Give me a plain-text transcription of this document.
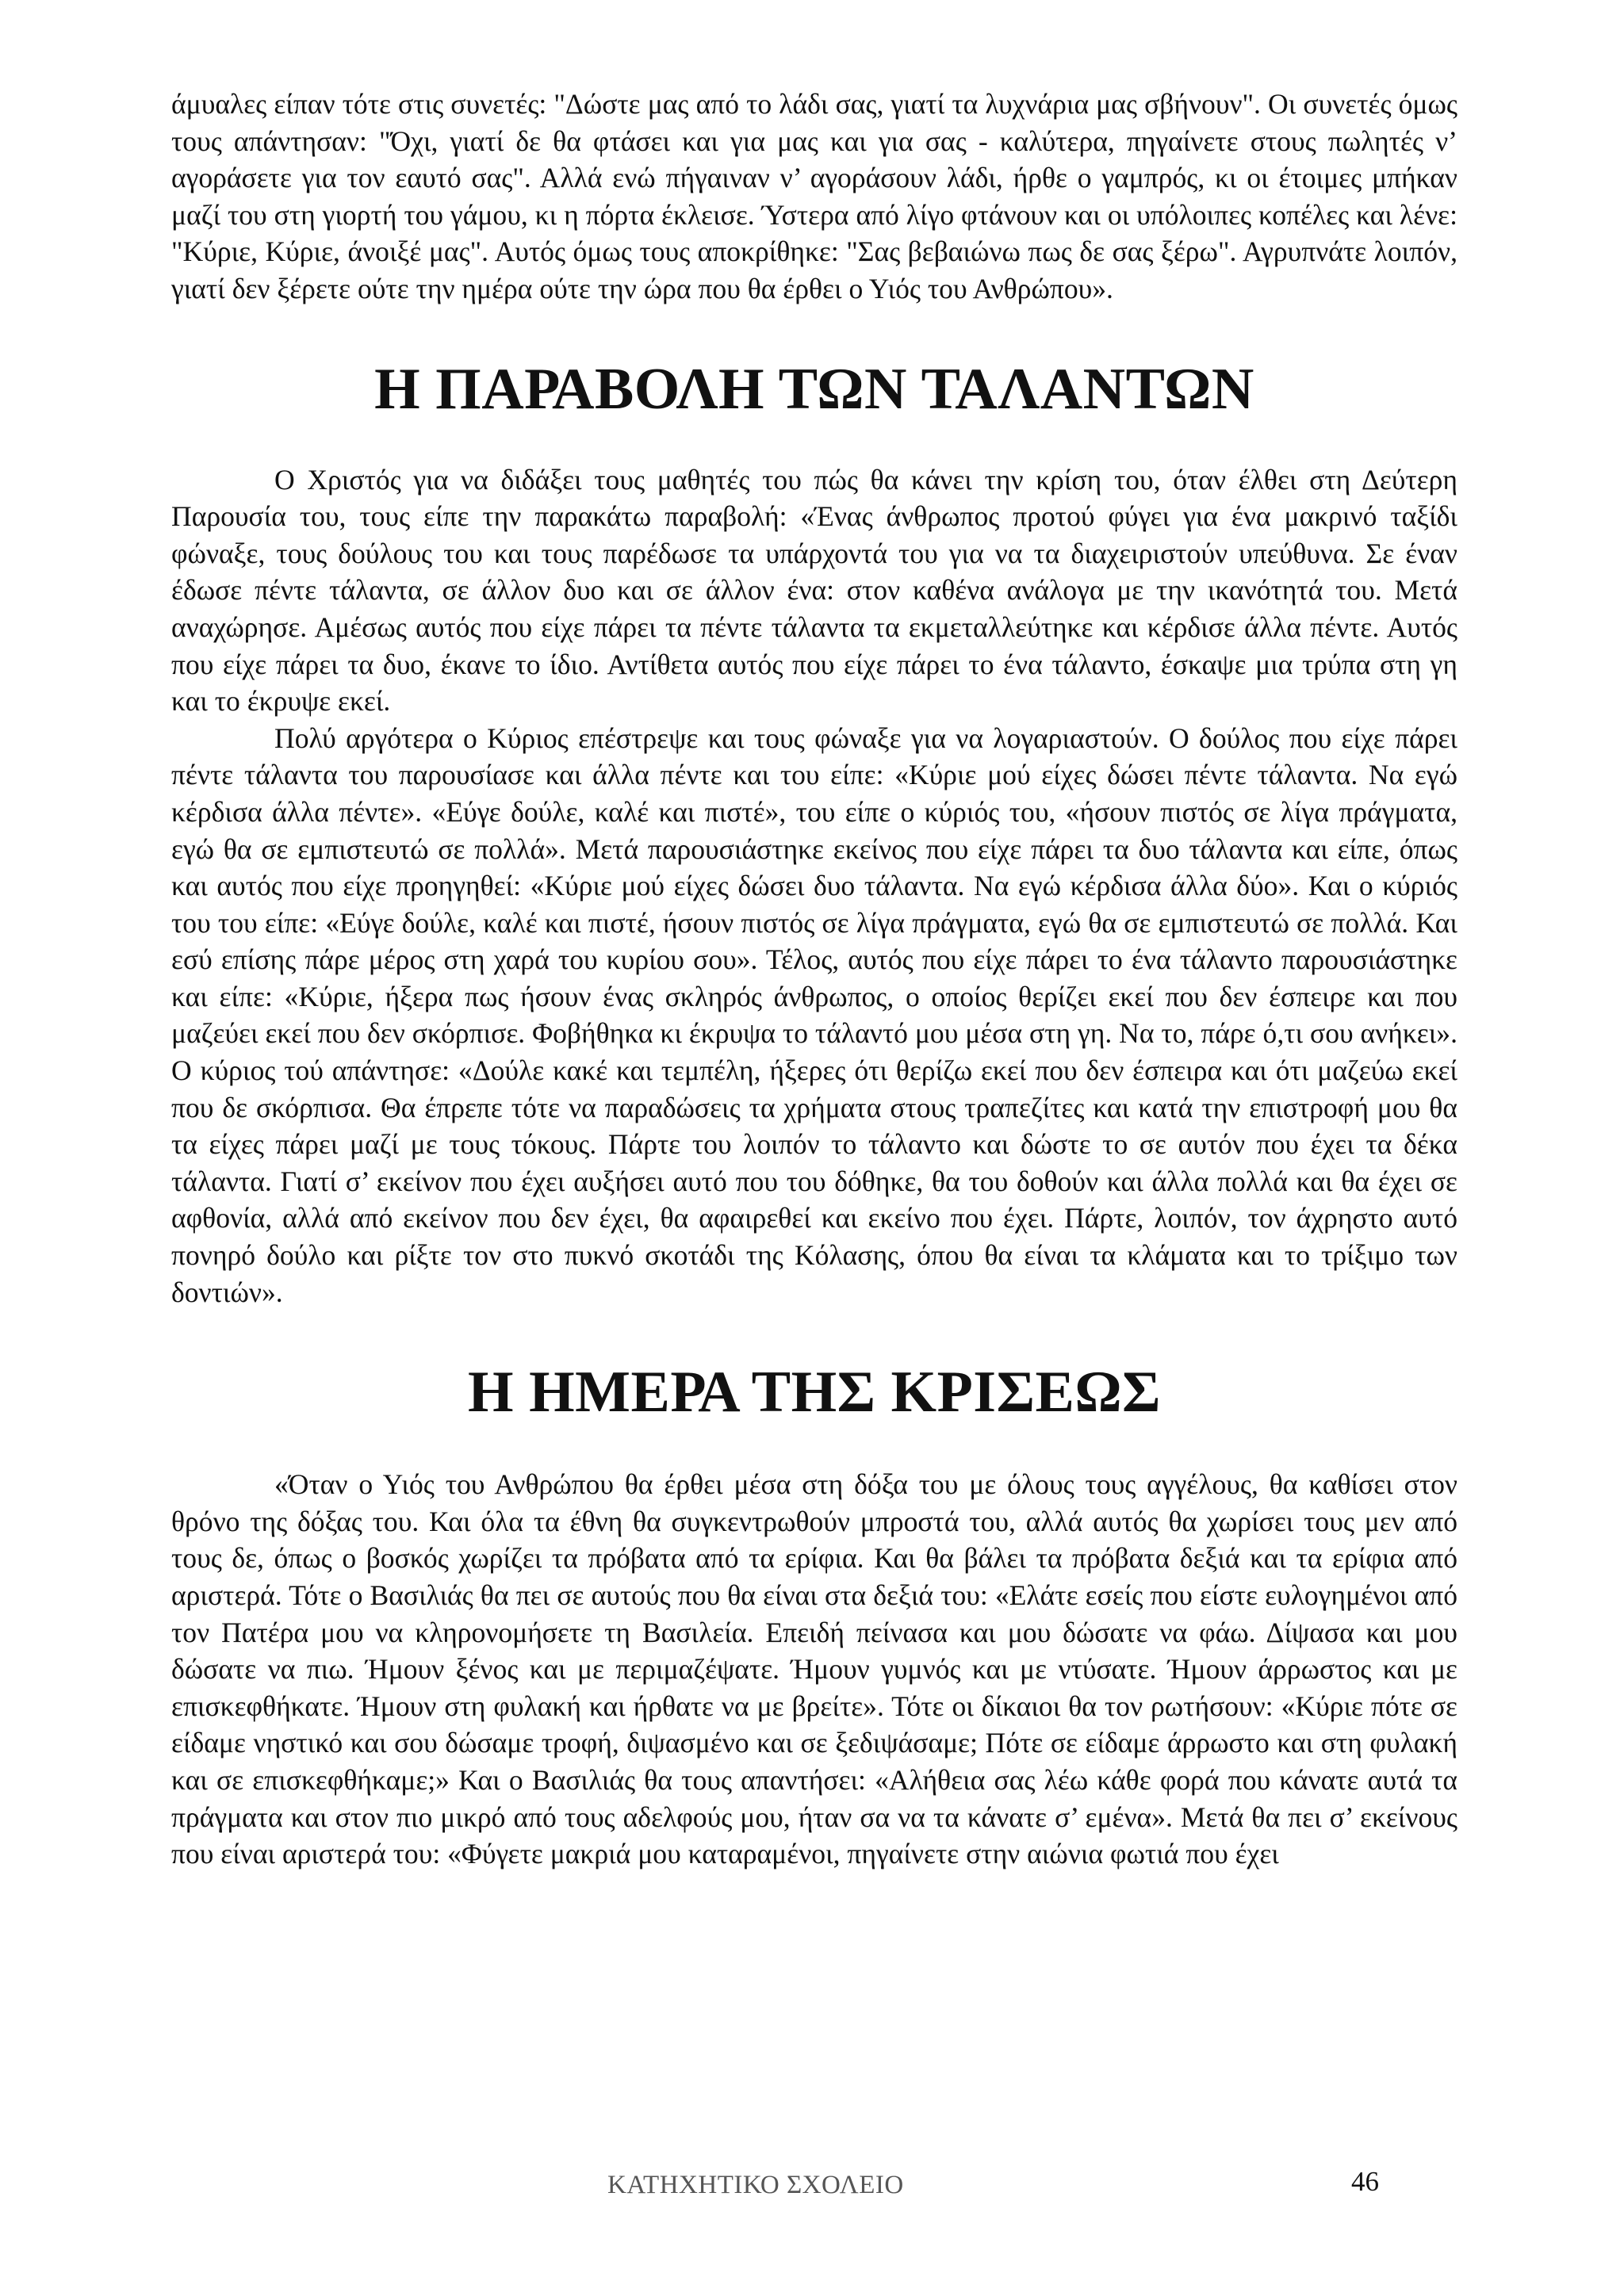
άμυαλες είπαν τότε στις συνετές: "Δώστε μας από το λάδι σας, γιατί τα λυχνάρια μας σβήνουν". Οι συνετές όμως τους απάντησαν: "Όχι, γιατί δε θα φτάσει και για μας και για σας - καλύτερα, πηγαίνετε στους πωλητές ν’ αγοράσετε για τον εαυτό σας". Αλλά ενώ πήγαιναν ν’ αγοράσουν λάδι, ήρθε ο γαμπρός, κι οι έτοιμες μπήκαν μαζί του στη γιορτή του γάμου, κι η πόρτα έκλεισε. Ύστερα από λίγο φτάνουν και οι υπόλοιπες κοπέλες και λένε: "Κύριε, Κύριε, άνοιξέ μας". Αυτός όμως τους αποκρίθηκε: "Σας βεβαιώνω πως δε σας ξέρω". Αγρυπνάτε λοιπόν, γιατί δεν ξέρετε ούτε την ημέρα ούτε την ώρα που θα έρθει ο Υιός του Ανθρώπου».

Η ΠΑΡΑΒΟΛΗ ΤΩΝ ΤΑΛΑΝΤΩΝ

Ο Χριστός για να διδάξει τους μαθητές του πώς θα κάνει την κρίση του, όταν έλθει στη Δεύτερη Παρουσία του, τους είπε την παρακάτω παραβολή: «Ένας άνθρωπος προτού φύγει για ένα μακρινό ταξίδι φώναξε, τους δούλους του και τους παρέδωσε τα υπάρχοντά του για να τα διαχειριστούν υπεύθυνα. Σε έναν έδωσε πέντε τάλαντα, σε άλλον δυο και σε άλλον ένα: στον καθένα ανάλογα με την ικανότητά του. Μετά αναχώρησε. Αμέσως αυτός που είχε πάρει τα πέντε τάλαντα τα εκμεταλλεύτηκε και κέρδισε άλλα πέντε. Αυτός που είχε πάρει τα δυο, έκανε το ίδιο. Αντίθετα αυτός που είχε πάρει το ένα τάλαντο, έσκαψε μια τρύπα στη γη και το έκρυψε εκεί.

Πολύ αργότερα ο Κύριος επέστρεψε και τους φώναξε για να λογαριαστούν. Ο δούλος που είχε πάρει πέντε τάλαντα του παρουσίασε και άλλα πέντε και του είπε: «Κύριε μού είχες δώσει πέντε τάλαντα. Να εγώ κέρδισα άλλα πέντε». «Εύγε δούλε, καλέ και πιστέ», του είπε ο κύριός του, «ήσουν πιστός σε λίγα πράγματα, εγώ θα σε εμπιστευτώ σε πολλά». Μετά παρουσιάστηκε εκείνος που είχε πάρει τα δυο τάλαντα και είπε, όπως και αυτός που είχε προηγηθεί: «Κύριε μού είχες δώσει δυο τάλαντα. Να εγώ κέρδισα άλλα δύο». Και ο κύριός του του είπε: «Εύγε δούλε, καλέ και πιστέ, ήσουν πιστός σε λίγα πράγματα, εγώ θα σε εμπιστευτώ σε πολλά. Και εσύ επίσης πάρε μέρος στη χαρά του κυρίου σου». Τέλος, αυτός που είχε πάρει το ένα τάλαντο παρουσιάστηκε και είπε: «Κύριε, ήξερα πως ήσουν ένας σκληρός άνθρωπος, ο οποίος θερίζει εκεί που δεν έσπειρε και που μαζεύει εκεί που δεν σκόρπισε. Φοβήθηκα κι έκρυψα το τάλαντό μου μέσα στη γη. Να το, πάρε ό,τι σου ανήκει». Ο κύριος τού απάντησε: «Δούλε κακέ και τεμπέλη, ήξερες ότι θερίζω εκεί που δεν έσπειρα και ότι μαζεύω εκεί που δε σκόρπισα. Θα έπρεπε τότε να παραδώσεις τα χρήματα στους τραπεζίτες και κατά την επιστροφή μου θα τα είχες πάρει μαζί με τους τόκους. Πάρτε του λοιπόν το τάλαντο και δώστε το σε αυτόν που έχει τα δέκα τάλαντα. Γιατί σ’ εκείνον που έχει αυξήσει αυτό που του δόθηκε, θα του δοθούν και άλλα πολλά και θα έχει σε αφθονία, αλλά από εκείνον που δεν έχει, θα αφαιρεθεί και εκείνο που έχει. Πάρτε, λοιπόν, τον άχρηστο αυτό πονηρό δούλο και ρίξτε τον στο πυκνό σκοτάδι της Κόλασης, όπου θα είναι τα κλάματα και το τρίξιμο των δοντιών».

Η ΗΜΕΡΑ ΤΗΣ ΚΡΙΣΕΩΣ

«Όταν ο Υιός του Ανθρώπου θα έρθει μέσα στη δόξα του με όλους τους αγγέλους, θα καθίσει στον θρόνο της δόξας του. Και όλα τα έθνη θα συγκεντρωθούν μπροστά του, αλλά αυτός θα χωρίσει τους μεν από τους δε, όπως ο βοσκός χωρίζει τα πρόβατα από τα ερίφια. Και θα βάλει τα πρόβατα δεξιά και τα ερίφια από αριστερά. Τότε ο Βασιλιάς θα πει σε αυτούς που θα είναι στα δεξιά του: «Ελάτε εσείς που είστε ευλογημένοι από τον Πατέρα μου να κληρονομήσετε τη Βασιλεία. Επειδή πείνασα και μου δώσατε να φάω. Δίψασα και μου δώσατε να πιω. Ήμουν ξένος και με περιμαζέψατε. Ήμουν γυμνός και με ντύσατε. Ήμουν άρρωστος και με επισκεφθήκατε. Ήμουν στη φυλακή και ήρθατε να με βρείτε». Τότε οι δίκαιοι θα τον ρωτήσουν: «Κύριε πότε σε είδαμε νηστικό και σου δώσαμε τροφή, διψασμένο και σε ξεδιψάσαμε; Πότε σε είδαμε άρρωστο και στη φυλακή και σε επισκεφθήκαμε;» Και ο Βασιλιάς θα τους απαντήσει: «Αλήθεια σας λέω κάθε φορά που κάνατε αυτά τα πράγματα και στον πιο μικρό από τους αδελφούς μου, ήταν σα να τα κάνατε σ’ εμένα». Μετά θα πει σ’ εκείνους που είναι αριστερά του: «Φύγετε μακριά μου καταραμένοι, πηγαίνετε στην αιώνια φωτιά που έχει

ΚΑΤΗΧΗΤΙΚΟ ΣΧΟΛΕΙΟ	46
